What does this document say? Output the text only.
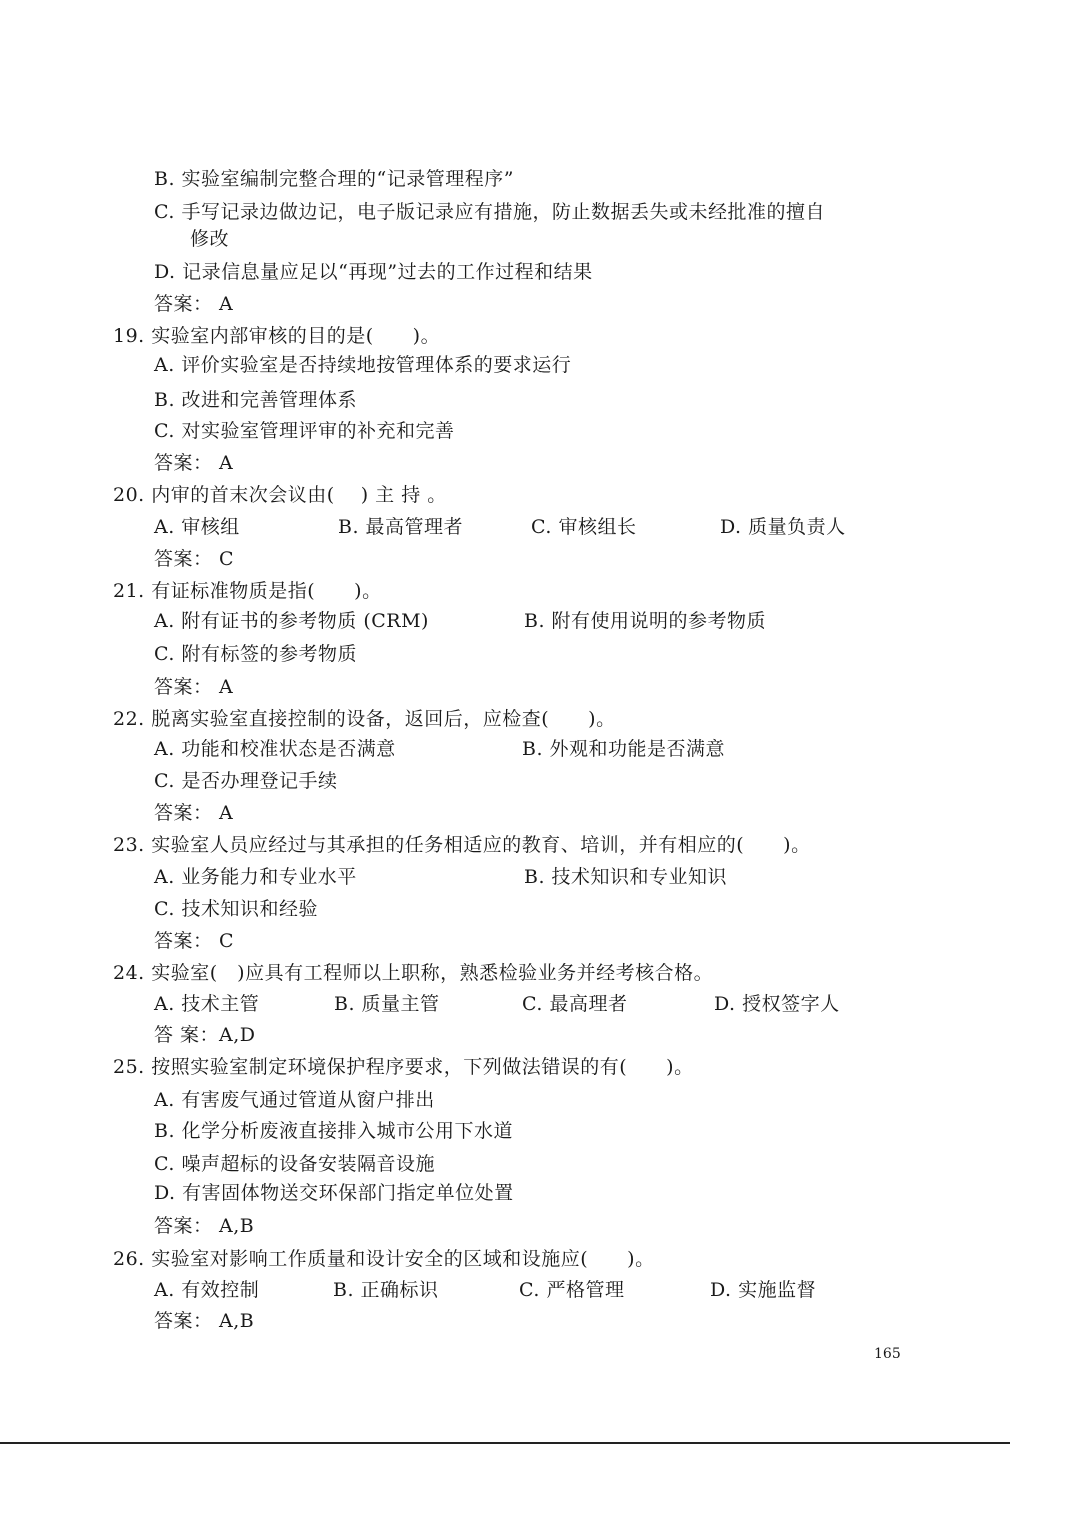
B. 实验室编制完整合理的“记录管理程序”
C. 手写记录边做边记，电子版记录应有措施，防止数据丢失或未经批准的擅自
修改
D. 记录信息量应足以“再现”过去的工作过程和结果
答案： A
19. 实验室内部审核的目的是(　　)。
A. 评价实验室是否持续地按管理体系的要求运行
B. 改进和完善管理体系
C. 对实验室管理评审的补充和完善
答案： A
20. 内审的首末次会议由(　 ) 主 持 。
A. 审核组	B. 最高管理者	C. 审核组长	D. 质量负责人
答案： C
21. 有证标准物质是指(　　)。
A. 附有证书的参考物质 (CRM)	B. 附有使用说明的参考物质
C. 附有标签的参考物质
答案： A
22. 脱离实验室直接控制的设备，返回后，应检查(　　)。
A. 功能和校准状态是否满意	B. 外观和功能是否满意
C. 是否办理登记手续
答案： A
23. 实验室人员应经过与其承担的任务相适应的教育、培训，并有相应的(　　)。
A. 业务能力和专业水平	B. 技术知识和专业知识
C. 技术知识和经验
答案： C
24. 实验室(　)应具有工程师以上职称，熟悉检验业务并经考核合格。
A. 技术主管	B. 质量主管	C. 最高理者	D. 授权签字人
答 案：A,D
25. 按照实验室制定环境保护程序要求，下列做法错误的有(　　)。
A. 有害废气通过管道从窗户排出
B. 化学分析废液直接排入城市公用下水道
C. 噪声超标的设备安装隔音设施
D. 有害固体物送交环保部门指定单位处置
答案： A,B
26. 实验室对影响工作质量和设计安全的区域和设施应(　　)。
A. 有效控制	B. 正确标识	C. 严格管理	D. 实施监督
答案： A,B
165
